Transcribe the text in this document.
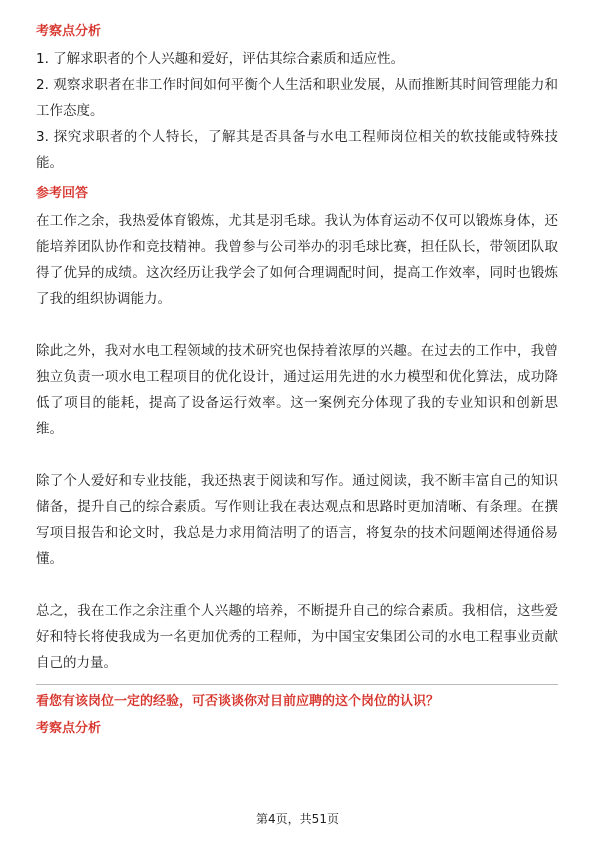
考察点分析

1. 了解求职者的个人兴趣和爱好，评估其综合素质和适应性。

2. 观察求职者在非工作时间如何平衡个人生活和职业发展，从而推断其时间管理能力和工作态度。

3. 探究求职者的个人特长，了解其是否具备与水电工程师岗位相关的软技能或特殊技能。

参考回答

在工作之余，我热爱体育锻炼，尤其是羽毛球。我认为体育运动不仅可以锻炼身体，还能培养团队协作和竞技精神。我曾参与公司举办的羽毛球比赛，担任队长，带领团队取得了优异的成绩。这次经历让我学会了如何合理调配时间，提高工作效率，同时也锻炼了我的组织协调能力。

除此之外，我对水电工程领域的技术研究也保持着浓厚的兴趣。在过去的工作中，我曾独立负责一项水电工程项目的优化设计，通过运用先进的水力模型和优化算法，成功降低了项目的能耗，提高了设备运行效率。这一案例充分体现了我的专业知识和创新思维。

除了个人爱好和专业技能，我还热衷于阅读和写作。通过阅读，我不断丰富自己的知识储备，提升自己的综合素质。写作则让我在表达观点和思路时更加清晰、有条理。在撰写项目报告和论文时，我总是力求用简洁明了的语言，将复杂的技术问题阐述得通俗易懂。

总之，我在工作之余注重个人兴趣的培养，不断提升自己的综合素质。我相信，这些爱好和特长将使我成为一名更加优秀的工程师，为中国宝安集团公司的水电工程事业贡献自己的力量。

看您有该岗位一定的经验，可否谈谈你对目前应聘的这个岗位的认识？
考察点分析
第4页，共51页
